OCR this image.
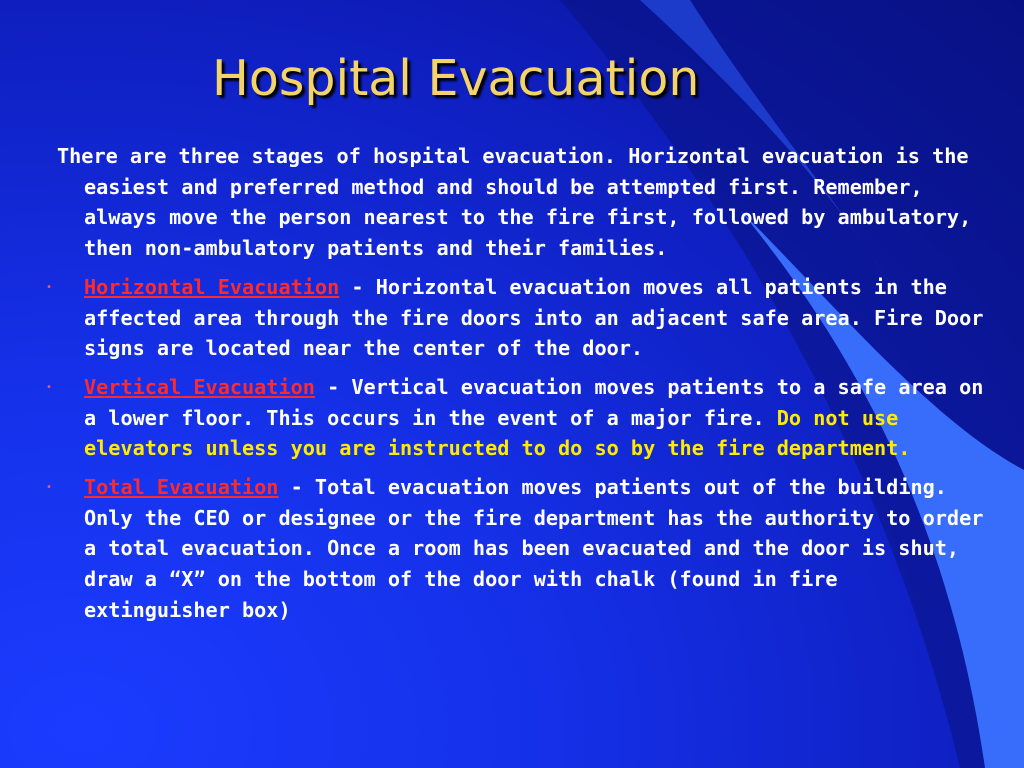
Hospital Evacuation

There are three stages of hospital evacuation. Horizontal evacuation is the easiest and preferred method and should be attempted first. Remember, always move the person nearest to the fire first, followed by ambulatory, then non-ambulatory patients and their families.

• Horizontal Evacuation - Horizontal evacuation moves all patients in the affected area through the fire doors into an adjacent safe area. Fire Door signs are located near the center of the door.
• Vertical Evacuation - Vertical evacuation moves patients to a safe area on a lower floor. This occurs in the event of a major fire. Do not use elevators unless you are instructed to do so by the fire department.
• Total Evacuation - Total evacuation moves patients out of the building. Only the CEO or designee or the fire department has the authority to order a total evacuation. Once a room has been evacuated and the door is shut, draw a “X” on the bottom of the door with chalk (found in fire extinguisher box)
